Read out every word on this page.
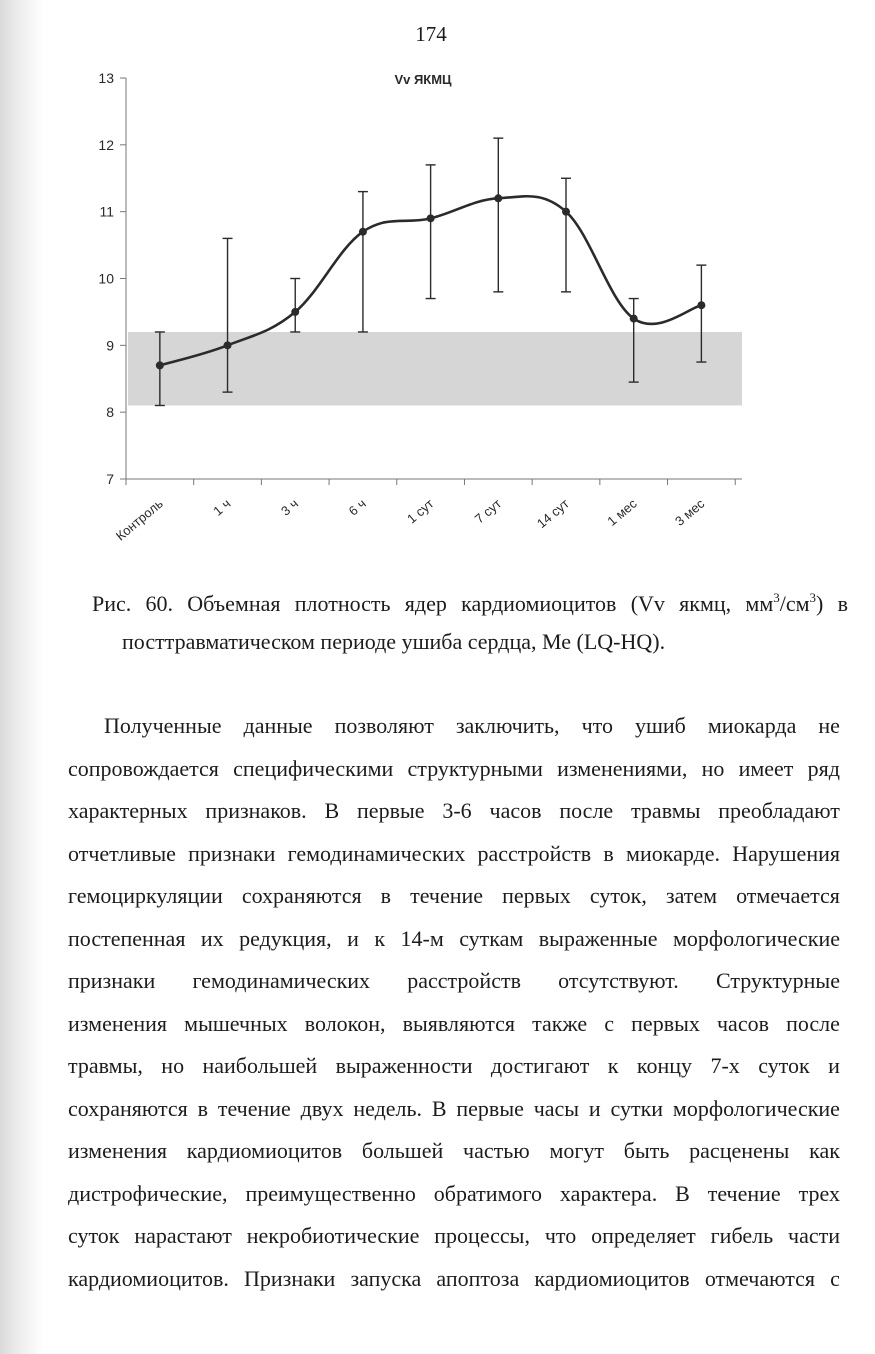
174
7
8
9
10
11
12
13
Контроль	1 ч	3 ч	6 ч	1 сут	7 сут 14 сут 1 мес 3 мес
Vv ЯКМЦ
Рис. 60. Объемная плотность ядер кардиомиоцитов (Vv якмц, $мм^3/см^3$) в
посттравматическом периоде ушиба сердца, Ме (LQ-HQ).
Полученные данные позволяют заключить, что ушиб миокарда не
сопровождается специфическими структурными изменениями, но имеет ряд
характерных признаков. В первые 3-6 часов после травмы преобладают
отчетливые признаки гемодинамических расстройств в миокарде. Нарушения
гемоциркуляции сохраняются в течение первых суток, затем отмечается
постепенная их редукция, и к 14-м суткам выраженные морфологические
признаки гемодинамических расстройств отсутствуют. Структурные
изменения мышечных волокон, выявляются также с первых часов после
травмы, но наибольшей выраженности достигают к концу 7-х суток и
сохраняются в течение двух недель. В первые часы и сутки морфологические
изменения кардиомиоцитов большей частью могут быть расценены как
дистрофические, преимущественно обратимого характера. В течение трех
суток нарастают некробиотические процессы, что определяет гибель части
кардиомиоцитов. Признаки запуска апоптоза кардиомиоцитов отмечаются с
